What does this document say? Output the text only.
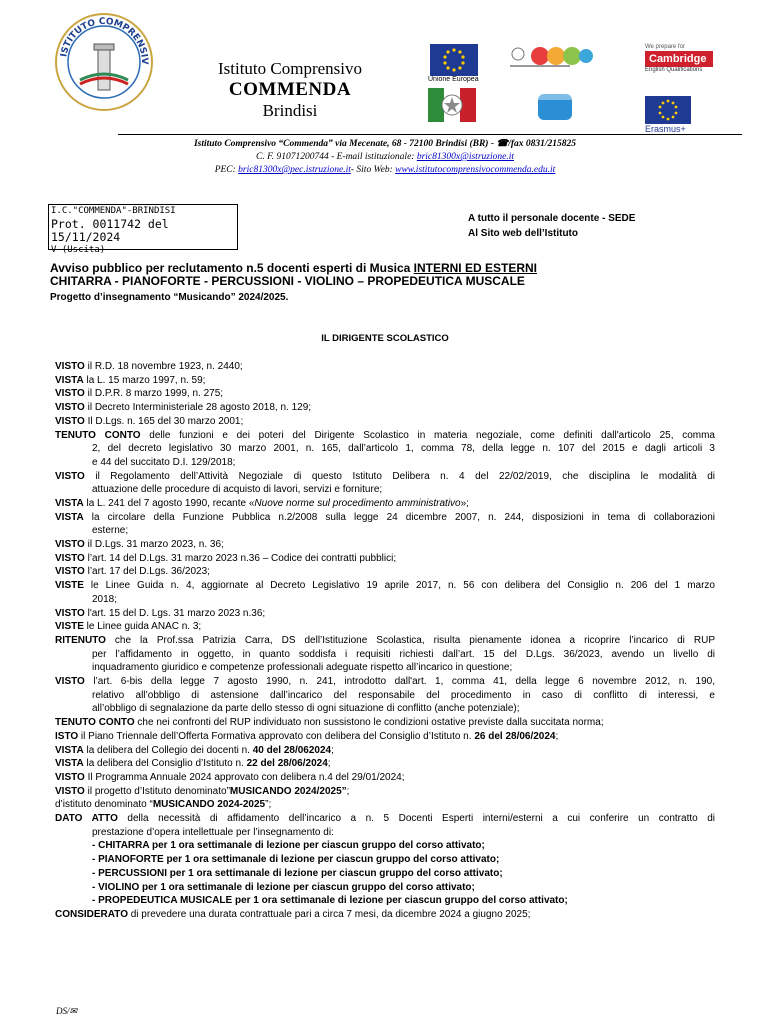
ISTITUTO COMPRENSIV	Istituto Comprensivo
COMMENDA
Brindisi
Unione Europea
We prepare for
Cambridge
English Qualifications
Erasmus+
Istituto Comprensivo “Commenda” via Mecenate, 68 - 72100 Brindisi (BR) - ☎/fax 0831/215825
C. F. 91071200744 - E-mail istituzionale: bric81300x@istruzione.it
PEC: bric81300x@pec.istruzione.it- Sito Web: www.istitutocomprensivocommenda.edu.it
I.C."COMMENDA"-BRINDISI
Prot. 0011742 del 15/11/2024
V (Uscita)
A tutto il personale docente - SEDE
Al Sito web dell’Istituto
Avviso pubblico per reclutamento n.5 docenti esperti di Musica INTERNI ED ESTERNI
CHITARRA - PIANOFORTE - PERCUSSIONI - VIOLINO – PROPEDEUTICA MUSCALE
Progetto d’insegnamento “Musicando” 2024/2025.
IL DIRIGENTE SCOLASTICO
VISTO il R.D. 18 novembre 1923, n. 2440;
VISTA la L. 15 marzo 1997, n. 59;
VISTO il D.P.R. 8 marzo 1999, n. 275;
VISTO il Decreto Interministeriale 28 agosto 2018, n. 129;
VISTO Il D.Lgs. n. 165 del 30 marzo 2001;
TENUTO CONTO delle funzioni e dei poteri del Dirigente Scolastico in materia negoziale, come definiti dall'articolo 25, comma
2, del decreto legislativo 30 marzo 2001, n. 165, dall’articolo 1, comma 78, della legge n. 107 del 2015 e dagli articoli 3
e 44 del succitato D.I. 129/2018;
VISTO il Regolamento dell’Attività Negoziale di questo Istituto Delibera n. 4 del 22/02/2019, che disciplina le modalità di
attuazione delle procedure di acquisto di lavori, servizi e forniture;
VISTA la L. 241 del 7 agosto 1990, recante «Nuove norme sul procedimento amministrativo»;
VISTA la circolare della Funzione Pubblica n.2/2008 sulla legge 24 dicembre 2007, n. 244, disposizioni in tema di collaborazioni
esterne;
VISTO il D.Lgs. 31 marzo 2023, n. 36;
VISTO l’art. 14 del D.Lgs. 31 marzo 2023 n.36 – Codice dei contratti pubblici;
VISTO l’art. 17 del D.Lgs. 36/2023;
VISTE le Linee Guida n. 4, aggiornate al Decreto Legislativo 19 aprile 2017, n. 56 con delibera del Consiglio n. 206 del 1 marzo
2018;
VISTO l'art. 15 del D. Lgs. 31 marzo 2023 n.36;
VISTE le Linee guida ANAC n. 3;
RITENUTO che la Prof.ssa Patrizia Carra, DS dell’Istituzione Scolastica, risulta pienamente idonea a ricoprire l’incarico di RUP
per l’affidamento in oggetto, in quanto soddisfa i requisiti richiesti dall’art. 15 del D.Lgs. 36/2023, avendo un livello di
inquadramento giuridico e competenze professionali adeguate rispetto all’incarico in questione;
VISTO l’art. 6-bis della legge 7 agosto 1990, n. 241, introdotto dall'art. 1, comma 41, della legge 6 novembre 2012, n. 190,
relativo all’obbligo di astensione dall’incarico del responsabile del procedimento in caso di conflitto di interessi, e
all’obbligo di segnalazione da parte dello stesso di ogni situazione di conflitto (anche potenziale);
TENUTO CONTO che nei confronti del RUP individuato non sussistono le condizioni ostative previste dalla succitata norma;
ISTO il Piano Triennale dell’Offerta Formativa approvato con delibera del Consiglio d’Istituto n. 26 del 28/06/2024;
VISTA la delibera del Collegio dei docenti n. 40 del 28/062024;
VISTA la delibera del Consiglio d’Istituto n. 22 del 28/06/2024;
VISTO Il Programma Annuale 2024 approvato con delibera n.4 del 29/01/2024;
VISTO il progetto d’Istituto denominato”MUSICANDO 2024/2025”;
d’istituto denominato “MUSICANDO 2024-2025”;
DATO ATTO della necessità di affidamento dell’incarico a n. 5 Docenti Esperti interni/esterni a cui conferire un contratto di
prestazione d’opera intellettuale per l’insegnamento di:
- CHITARRA per 1 ora settimanale di lezione per ciascun gruppo del corso attivato;
- PIANOFORTE per 1 ora settimanale di lezione per ciascun gruppo del corso attivato;
- PERCUSSIONI per 1 ora settimanale di lezione per ciascun gruppo del corso attivato;
- VIOLINO per 1 ora settimanale di lezione per ciascun gruppo del corso attivato;
- PROPEDEUTICA MUSICALE per 1 ora settimanale di lezione per ciascun gruppo del corso attivato;
CONSIDERATO di prevedere una durata contrattuale pari a circa 7 mesi, da dicembre 2024 a giugno 2025;
DS/✉
